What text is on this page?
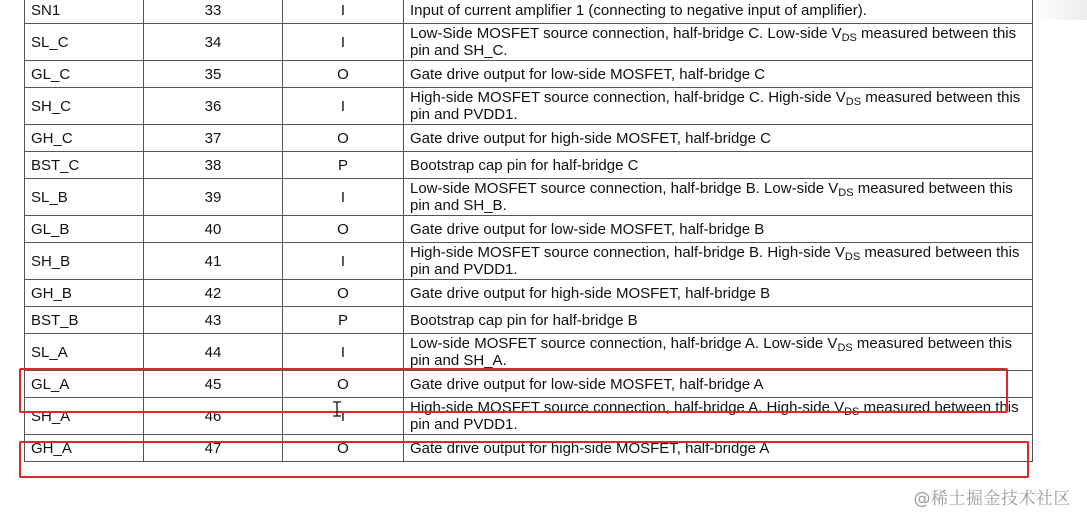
SN1	33	I	Input of current amplifier 1 (connecting to negative input of amplifier).
SL_C	34	I	Low-Side MOSFET source connection, half-bridge C. Low-side $V_{DS}$ measured between this pin and SH_C.
GL_C	35	O	Gate drive output for low-side MOSFET, half-bridge C
SH_C	36	I	High-side MOSFET source connection, half-bridge C. High-side $V_{DS}$ measured between this pin and PVDD1.
GH_C	37	O	Gate drive output for high-side MOSFET, half-bridge C
BST_C	38	P	Bootstrap cap pin for half-bridge C
SL_B	39	I	Low-side MOSFET source connection, half-bridge B. Low-side $V_{DS}$ measured between this pin and SH_B.
GL_B	40	O	Gate drive output for low-side MOSFET, half-bridge B
SH_B	41	I	High-side MOSFET source connection, half-bridge B. High-side $V_{DS}$ measured between this pin and PVDD1.
GH_B	42	O	Gate drive output for high-side MOSFET, half-bridge B
BST_B	43	P	Bootstrap cap pin for half-bridge B
SL_A	44	I	Low-side MOSFET source connection, half-bridge A. Low-side $V_{DS}$ measured between this pin and SH_A.
GL_A	45	O	Gate drive output for low-side MOSFET, half-bridge A
SH_A	46	I	High-side MOSFET source connection, half-bridge A. High-side $V_{DS}$ measured between this pin and PVDD1.
GH_A	47	O	Gate drive output for high-side MOSFET, half-bridge A
@稀土掘金技术社区
